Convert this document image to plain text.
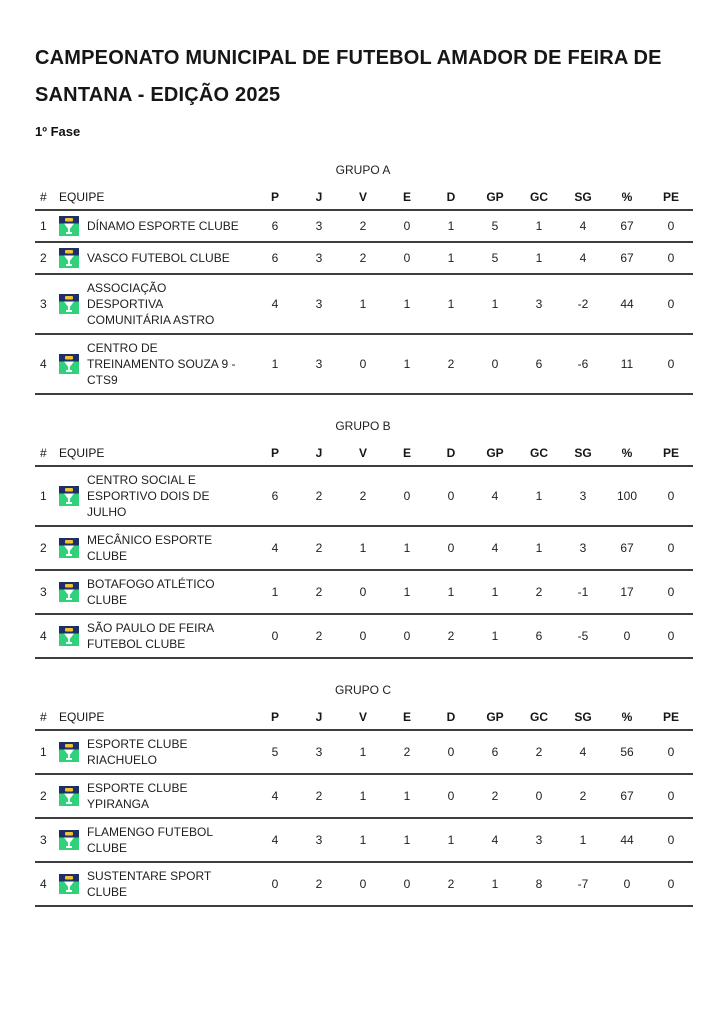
CAMPEONATO MUNICIPAL DE FUTEBOL AMADOR DE FEIRA DE SANTANA - EDIÇÃO 2025
1º Fase
GRUPO A
#	EQUIPE	P	J	V	E	D	GP	GC	SG	%	PE
1	DÍNAMO ESPORTE CLUBE	6	3	2	0	1	5	1	4	67	0
2	VASCO FUTEBOL CLUBE	6	3	2	0	1	5	1	4	67	0
3	ASSOCIAÇÃO DESPORTIVA COMUNITÁRIA ASTRO	4	3	1	1	1	1	3	-2	44	0
4	CENTRO DE TREINAMENTO SOUZA 9 - CTS9	1	3	0	1	2	0	6	-6	11	0
GRUPO B
#	EQUIPE	P	J	V	E	D	GP	GC	SG	%	PE
1	CENTRO SOCIAL E ESPORTIVO DOIS DE JULHO	6	2	2	0	0	4	1	3	100	0
2	MECÂNICO ESPORTE CLUBE	4	2	1	1	0	4	1	3	67	0
3	BOTAFOGO ATLÉTICO CLUBE	1	2	0	1	1	1	2	-1	17	0
4	SÃO PAULO DE FEIRA FUTEBOL CLUBE	0	2	0	0	2	1	6	-5	0	0
GRUPO C
#	EQUIPE	P	J	V	E	D	GP	GC	SG	%	PE
1	ESPORTE CLUBE RIACHUELO	5	3	1	2	0	6	2	4	56	0
2	ESPORTE CLUBE YPIRANGA	4	2	1	1	0	2	0	2	67	0
3	FLAMENGO FUTEBOL CLUBE	4	3	1	1	1	4	3	1	44	0
4	SUSTENTARE SPORT CLUBE	0	2	0	0	2	1	8	-7	0	0
